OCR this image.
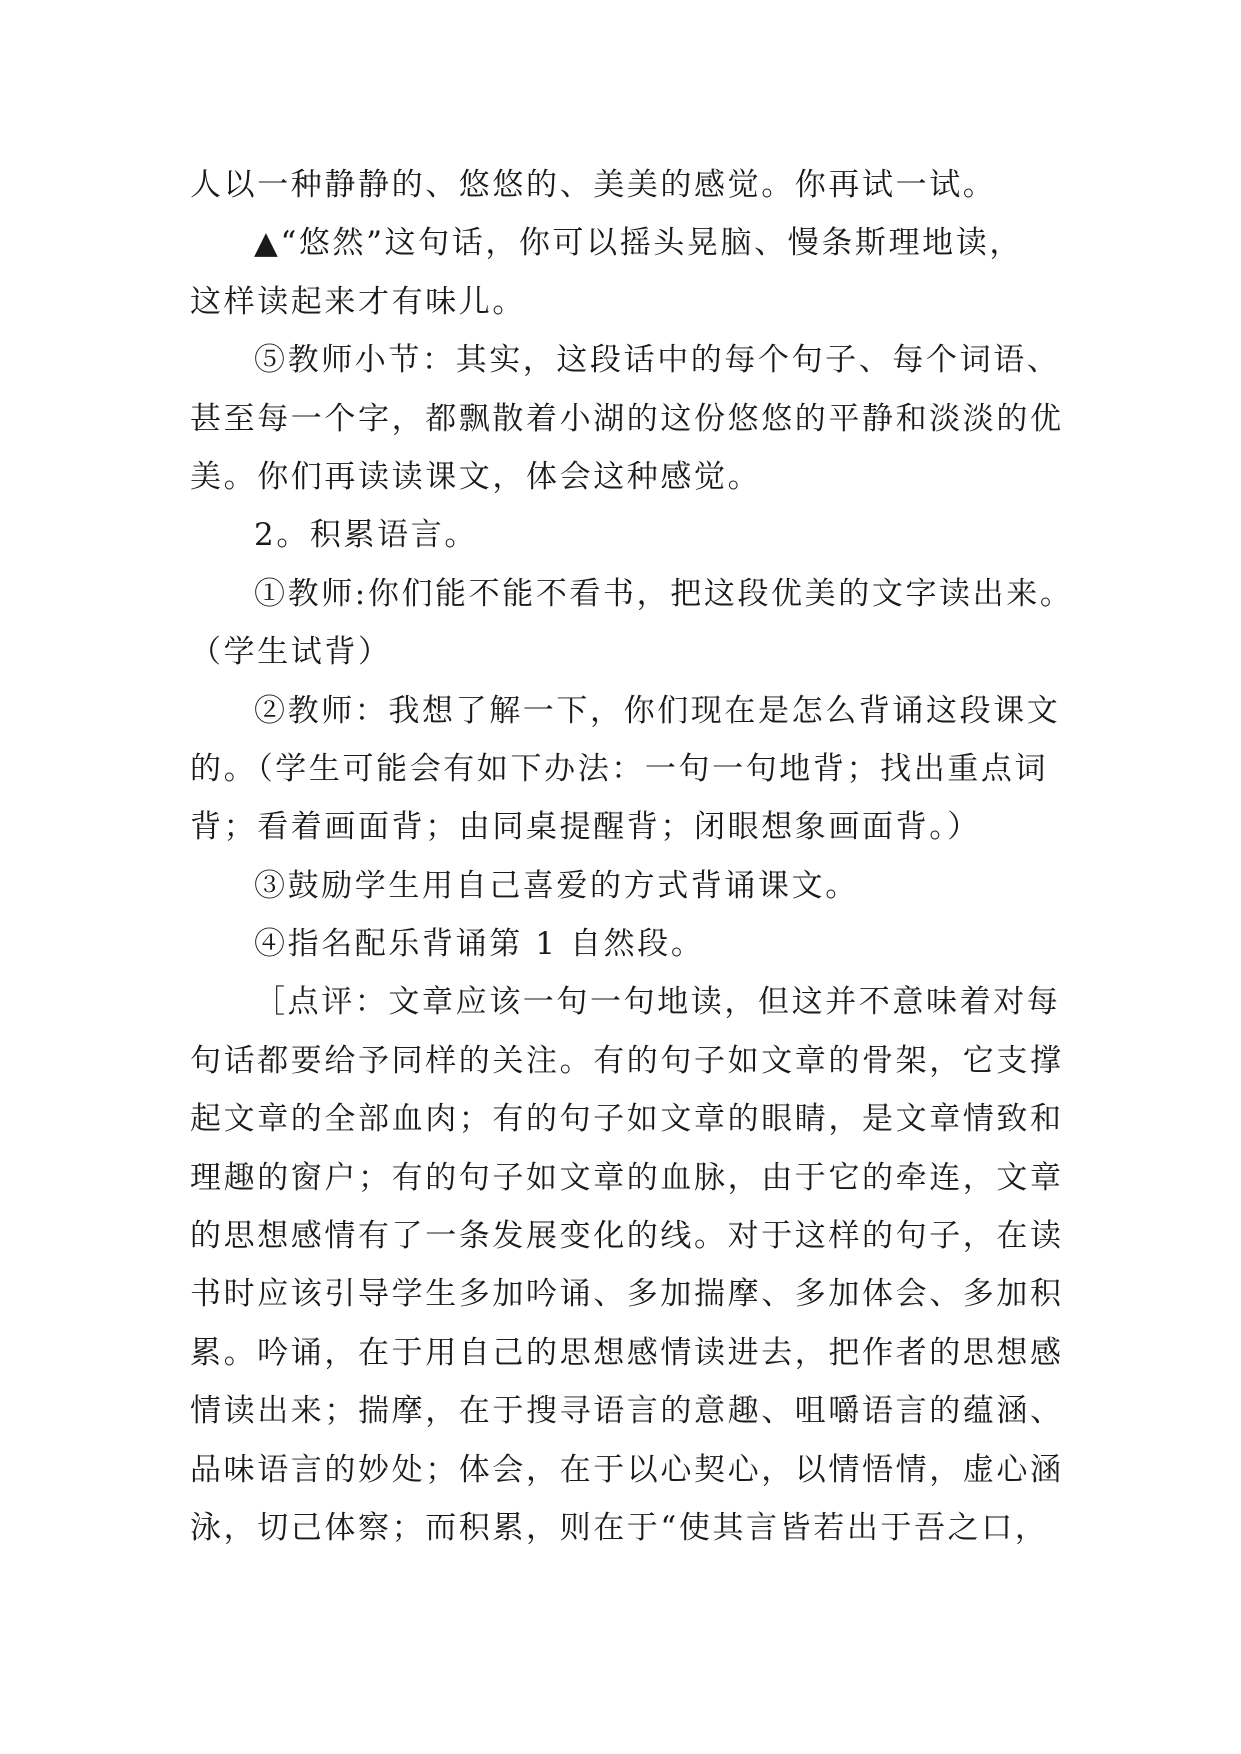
人以一种静静的、悠悠的、美美的感觉。你再试一试。
▲“悠然”这句话，你可以摇头晃脑、慢条斯理地读，
这样读起来才有味儿。
⑤教师小节：其实，这段话中的每个句子、每个词语、
甚至每一个字，都飘散着小湖的这份悠悠的平静和淡淡的优
美。你们再读读课文，体会这种感觉。
2。积累语言。
①教师:你们能不能不看书，把这段优美的文字读出来。
（学生试背）
②教师：我想了解一下，你们现在是怎么背诵这段课文
的。（学生可能会有如下办法：一句一句地背；找出重点词
背；看着画面背；由同桌提醒背；闭眼想象画面背。）
③鼓励学生用自己喜爱的方式背诵课文。
④指名配乐背诵第 1 自然段。
［点评：文章应该一句一句地读，但这并不意味着对每
句话都要给予同样的关注。有的句子如文章的骨架，它支撑
起文章的全部血肉；有的句子如文章的眼睛，是文章情致和
理趣的窗户；有的句子如文章的血脉，由于它的牵连，文章
的思想感情有了一条发展变化的线。对于这样的句子，在读
书时应该引导学生多加吟诵、多加揣摩、多加体会、多加积
累。吟诵，在于用自己的思想感情读进去，把作者的思想感
情读出来；揣摩，在于搜寻语言的意趣、咀嚼语言的蕴涵、
品味语言的妙处；体会，在于以心契心，以情悟情，虚心涵
泳，切己体察；而积累，则在于“使其言皆若出于吾之口，
